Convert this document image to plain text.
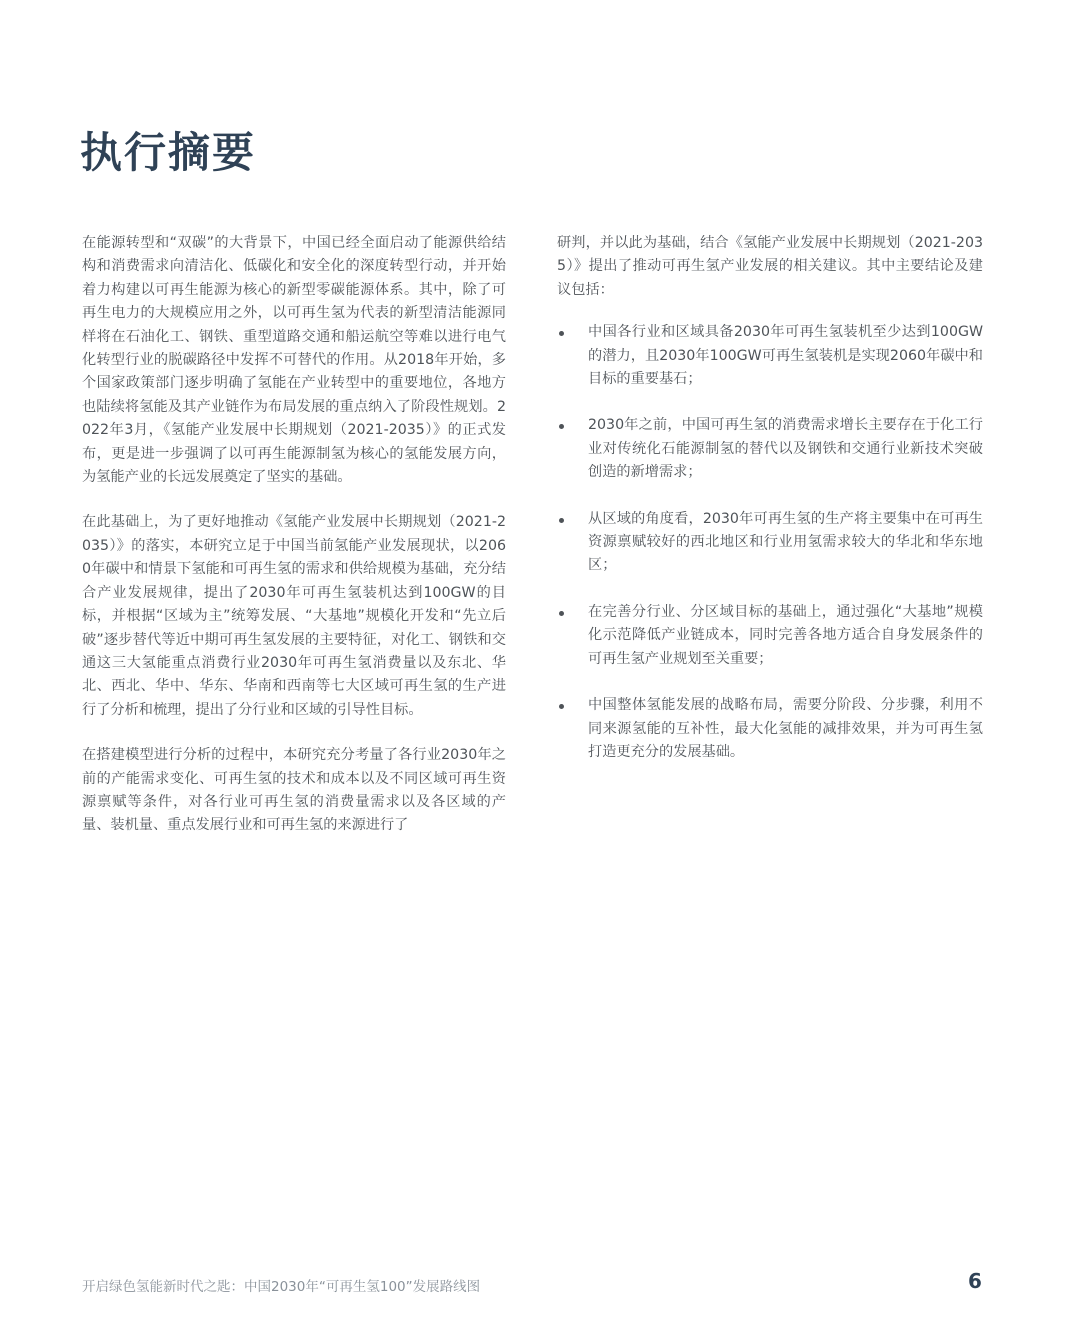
执行摘要

在能源转型和“双碳”的大背景下，中国已经全面启动了能源供给结构和消费需求向清洁化、低碳化和安全化的深度转型行动，并开始着力构建以可再生能源为核心的新型零碳能源体系。其中，除了可再生电力的大规模应用之外，以可再生氢为代表的新型清洁能源同样将在石油化工、钢铁、重型道路交通和船运航空等难以进行电气化转型行业的脱碳路径中发挥不可替代的作用。从2018年开始，多个国家政策部门逐步明确了氢能在产业转型中的重要地位，各地方也陆续将氢能及其产业链作为布局发展的重点纳入了阶段性规划。2022年3月，《氢能产业发展中长期规划（2021-2035）》的正式发布，更是进一步强调了以可再生能源制氢为核心的氢能发展方向，为氢能产业的长远发展奠定了坚实的基础。

在此基础上，为了更好地推动《氢能产业发展中长期规划（2021-2035）》的落实，本研究立足于中国当前氢能产业发展现状，以2060年碳中和情景下氢能和可再生氢的需求和供给规模为基础，充分结合产业发展规律，提出了2030年可再生氢装机达到100GW的目标，并根据“区域为主”统筹发展、“大基地”规模化开发和“先立后破”逐步替代等近中期可再生氢发展的主要特征，对化工、钢铁和交通这三大氢能重点消费行业2030年可再生氢消费量以及东北、华北、西北、华中、华东、华南和西南等七大区域可再生氢的生产进行了分析和梳理，提出了分行业和区域的引导性目标。

在搭建模型进行分析的过程中，本研究充分考量了各行业2030年之前的产能需求变化、可再生氢的技术和成本以及不同区域可再生资源禀赋等条件，对各行业可再生氢的消费量需求以及各区域的产量、装机量、重点发展行业和可再生氢的来源进行了

研判，并以此为基础，结合《氢能产业发展中长期规划（2021-2035）》提出了推动可再生氢产业发展的相关建议。其中主要结论及建议包括：

中国各行业和区域具备2030年可再生氢装机至少达到100GW的潜力，且2030年100GW可再生氢装机是实现2060年碳中和目标的重要基石；
2030年之前，中国可再生氢的消费需求增长主要存在于化工行业对传统化石能源制氢的替代以及钢铁和交通行业新技术突破创造的新增需求；
从区域的角度看，2030年可再生氢的生产将主要集中在可再生资源禀赋较好的西北地区和行业用氢需求较大的华北和华东地区；
在完善分行业、分区域目标的基础上，通过强化“大基地”规模化示范降低产业链成本，同时完善各地方适合自身发展条件的可再生氢产业规划至关重要；
中国整体氢能发展的战略布局，需要分阶段、分步骤，利用不同来源氢能的互补性，最大化氢能的减排效果，并为可再生氢打造更充分的发展基础。
开启绿色氢能新时代之匙：中国2030年“可再生氢100”发展路线图	6
